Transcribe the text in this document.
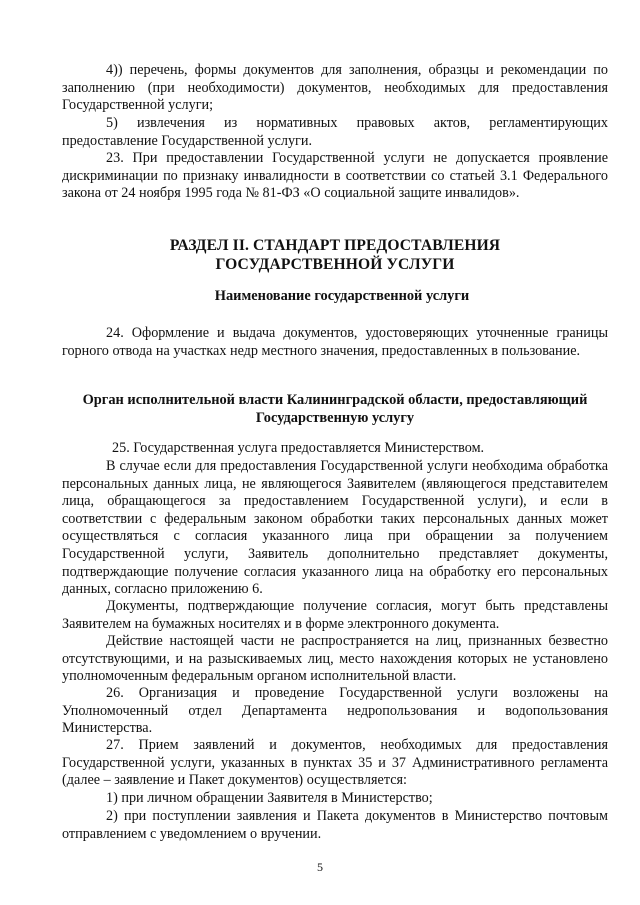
4)) перечень, формы документов для заполнения, образцы и рекомендации по заполнению (при необходимости) документов, необходимых для предоставления Государственной услуги;

5) извлечения из нормативных правовых актов, регламентирующих предоставление Государственной услуги.

23. При предоставлении Государственной услуги не допускается проявление дискриминации по признаку инвалидности в соответствии со статьей 3.1 Федерального закона от 24 ноября 1995 года № 81-ФЗ «О социальной защите инвалидов».

РАЗДЕЛ II. СТАНДАРТ ПРЕДОСТАВЛЕНИЯ
ГОСУДАРСТВЕННОЙ УСЛУГИ

Наименование государственной услуги

24. Оформление и выдача документов, удостоверяющих уточненные границы горного отвода на участках недр местного значения, предоставленных в пользование.

Орган исполнительной власти Калининградской области, предоставляющий
Государственную услугу

25. Государственная услуга предоставляется Министерством.

В случае если для предоставления Государственной услуги необходима обработка персональных данных лица, не являющегося Заявителем (являющегося представителем лица, обращающегося за предоставлением Государственной услуги), и если в соответствии с федеральным законом обработки таких персональных данных может осуществляться с согласия указанного лица при обращении за получением Государственной услуги, Заявитель дополнительно представляет документы, подтверждающие получение согласия указанного лица на обработку его персональных данных, согласно приложению 6.

Документы, подтверждающие получение согласия, могут быть представлены Заявителем на бумажных носителях и в форме электронного документа.

Действие настоящей части не распространяется на лиц, признанных безвестно отсутствующими, и на разыскиваемых лиц, место нахождения которых не установлено уполномоченным федеральным органом исполнительной власти.

26. Организация и проведение Государственной услуги возложены на Уполномоченный отдел Департамента недропользования и водопользования Министерства.

27. Прием заявлений и документов, необходимых для предоставления Государственной услуги, указанных в пунктах 35 и 37 Административного регламента (далее – заявление и Пакет документов) осуществляется:

1) при личном обращении Заявителя в Министерство;

2) при поступлении заявления и Пакета документов в Министерство почтовым отправлением с уведомлением о вручении.

5
